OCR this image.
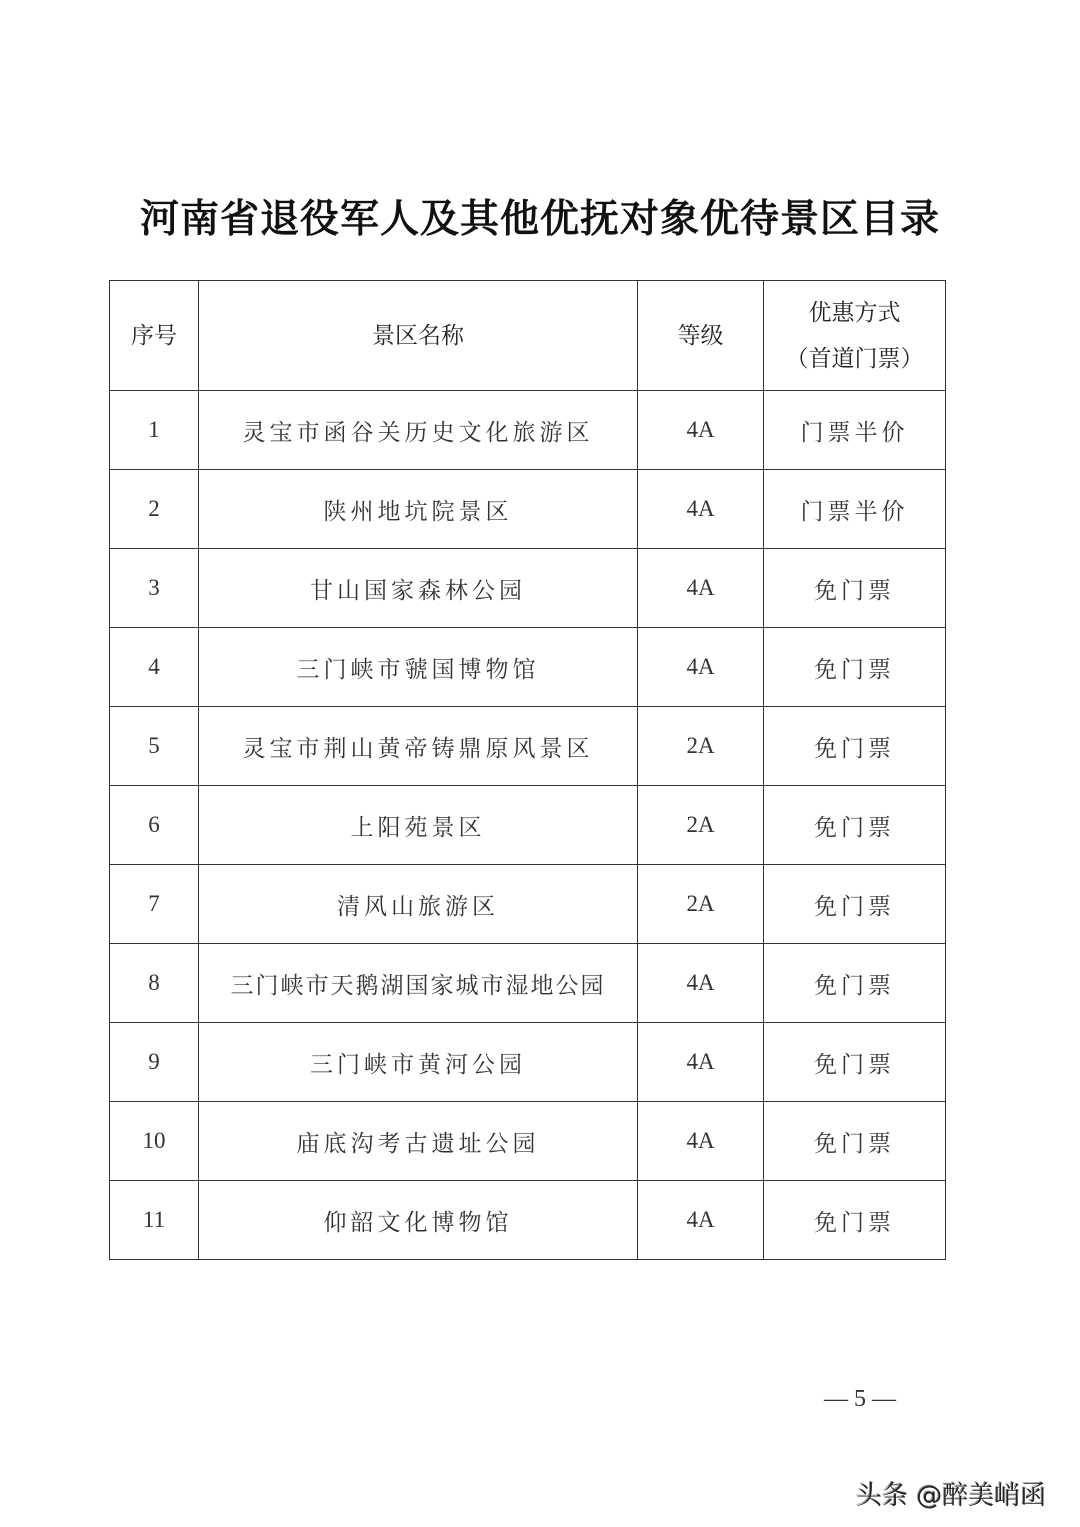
河南省退役军人及其他优抚对象优待景区目录
序号	景区名称	等级	优惠方式
（首道门票）

1	灵宝市函谷关历史文化旅游区	4A	门票半价
2	陕州地坑院景区	4A	门票半价
3	甘山国家森林公园	4A	免门票
4	三门峡市虢国博物馆	4A	免门票
5	灵宝市荆山黄帝铸鼎原风景区	2A	免门票
6	上阳苑景区	2A	免门票
7	清风山旅游区	2A	免门票
8	三门峡市天鹅湖国家城市湿地公园	4A	免门票
9	三门峡市黄河公园	4A	免门票
10	庙底沟考古遗址公园	4A	免门票
11	仰韶文化博物馆	4A	免门票
— 5 —
头条 @醉美峭函
